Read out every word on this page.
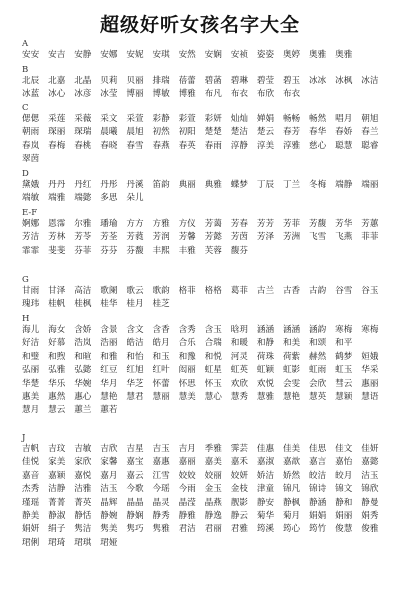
超级好听女孩名字大全
A
安安	安吉	安静	安娜	安妮	安琪	安然	安娴	安祯	姿姿	奥婷	奥雅	奥雅
B
北辰	北嘉	北晶	贝莉	贝丽	排瑞	蓓蕾	碧菡	碧琳	碧莹	碧玉	冰冰	冰枫	冰洁
冰蓝	冰心	冰彦	冰莹	博丽	博敏	博雅	布凡	布衣	布欣	布衣
C
偲偲	采莲	采薇	采文	采萱	彩静	彩萱	彩妍	灿灿	婵娟	畅畅	畅然	唱月	朝旭
朝雨	琛丽	琛瑞	晨曦	晨旭	初然	初阳	楚楚	楚洁	楚云	春芳	春华	春娇	春兰
春岚	春梅	春桃	春晓	春雪	春燕	春英	春雨	淳静	淳美	淳雅	慈心	聪慧	聪睿
翠茵
D
黛娥	丹丹	丹红	丹彤	丹溪	笛韵	典丽	典雅	蝶梦	丁辰	丁兰	冬梅	端静	端丽
端敏	端雅	端懿	多思	朵儿
E-F
婀娜	恩霈	尔雅	璠瑜	方方	方雅	方仪	芳蔼	芳春	芳芳	芳菲	芳馥	芳华	芳蕙
芳洁	芳林	芳苓	芳荃	芳蕤	芳润	芳馨	芳懿	芳茵	芳泽	芳洲	飞雪	飞燕	菲菲
霏霏	斐斐	芬菲	芬芬	芬馥	丰熙	丰雅	芙蓉	馥芬
G
甘雨	甘泽	高洁	歌阑	歌云	歌韵	格菲	格格	葛菲	古兰	古香	古韵	谷雪	谷玉
瑰玮	桂帆	桂枫	桂华	桂月	桂芝
H
海儿	海女	含娇	含景	含文	含香	含秀	含玉	晗玥	涵涵	涵涵	涵韵	寒梅	寒梅
好洁	好慕	浩岚	浩丽	皓洁	皓月	合乐	合瑞	和暖	和静	和美	和颂	和平
和璧	和煦	和暄	和雅	和怡	和玉	和豫	和悦	河灵	荷珠	荷紫	赫然	鹤梦	姮娥
弘丽	弘雅	弘懿	红豆	红旭	红叶	闳丽	虹星	虹英	虹颖	虹影	虹雨	虹玉	华采
华楚	华乐	华婉	华月	华芝	怀蕾	怀思	怀玉	欢欣	欢悦	会雯	会欣	彗云	惠丽
惠美	惠然	惠心	慧艳	慧君	慧丽	慧美	慧心	慧秀	慧雅	慧艳	慧英	慧颖	慧语
慧月	慧云	蕙兰	蕙若
J
吉帆	吉玟	吉敏	吉欣	吉星	吉玉	吉月	季雅	霁芸	佳惠	佳美	佳思	佳文	佳妍
佳悦	家美	家欣	家馨	嘉宝	嘉惠	嘉丽	嘉美	嘉禾	嘉淑	嘉歆	嘉言	嘉怡	嘉懿
嘉音	嘉颖	嘉悦	嘉月	嘉云	江雪	姣姣	姣丽	姣妍	娇洁	娇然	皎洁	皎月	洁玉
杰秀	洁静	洁雅	洁玉	今歌	今瑶	今雨	金玉	金枝	津童	锦凡	锦诗	锦文	锦欣
瑾瑶	菁菁	菁英	晶辉	晶晶	晶灵	晶滢	晶燕	靓影	静安	静枫	静涵	静和	静曼
静美	静淑	静恬	静婉	静娴	静秀	静雅	静逸	静云	菊华	菊月	娟娟	娟丽	娟秀
娟妍	绢子	隽洁	隽美	隽巧	隽雅	君洁	君丽	君雅	筠溪	筠心	筠竹	俊慧	俊雅
珺俐	珺琦	珺琪	珺娅
